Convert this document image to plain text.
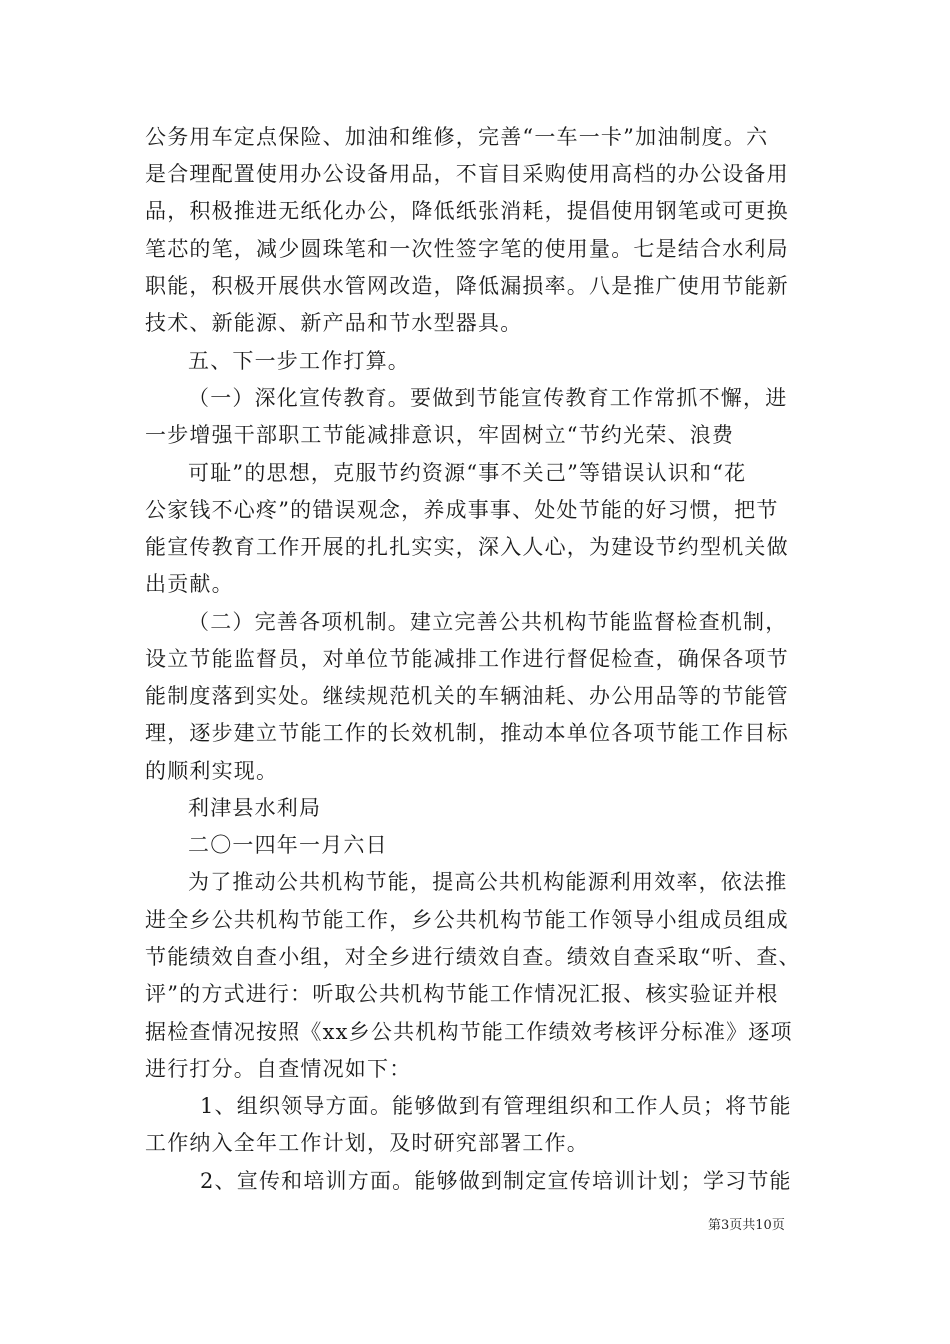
公务用车定点保险、加油和维修，完善“一车一卡”加油制度。六
是合理配置使用办公设备用品，不盲目采购使用高档的办公设备用
品，积极推进无纸化办公，降低纸张消耗，提倡使用钢笔或可更换
笔芯的笔，减少圆珠笔和一次性签字笔的使用量。七是结合水利局
职能，积极开展供水管网改造，降低漏损率。八是推广使用节能新
技术、新能源、新产品和节水型器具。
五、下一步工作打算。
（一）深化宣传教育。要做到节能宣传教育工作常抓不懈，进
一步增强干部职工节能减排意识，牢固树立“节约光荣、浪费
可耻”的思想，克服节约资源“事不关己”等错误认识和“花
公家钱不心疼”的错误观念，养成事事、处处节能的好习惯，把节
能宣传教育工作开展的扎扎实实，深入人心，为建设节约型机关做
出贡献。
（二）完善各项机制。建立完善公共机构节能监督检查机制，
设立节能监督员，对单位节能减排工作进行督促检查，确保各项节
能制度落到实处。继续规范机关的车辆油耗、办公用品等的节能管
理，逐步建立节能工作的长效机制，推动本单位各项节能工作目标
的顺利实现。
利津县水利局
二〇一四年一月六日
为了推动公共机构节能，提高公共机构能源利用效率，依法推
进全乡公共机构节能工作，乡公共机构节能工作领导小组成员组成
节能绩效自查小组，对全乡进行绩效自查。绩效自查采取“听、查、
评”的方式进行：听取公共机构节能工作情况汇报、核实验证并根
据检查情况按照《xx乡公共机构节能工作绩效考核评分标准》逐项
进行打分。自查情况如下：
1、组织领导方面。能够做到有管理组织和工作人员；将节能
工作纳入全年工作计划，及时研究部署工作。
2、宣传和培训方面。能够做到制定宣传培训计划；学习节能
第3页共10页
